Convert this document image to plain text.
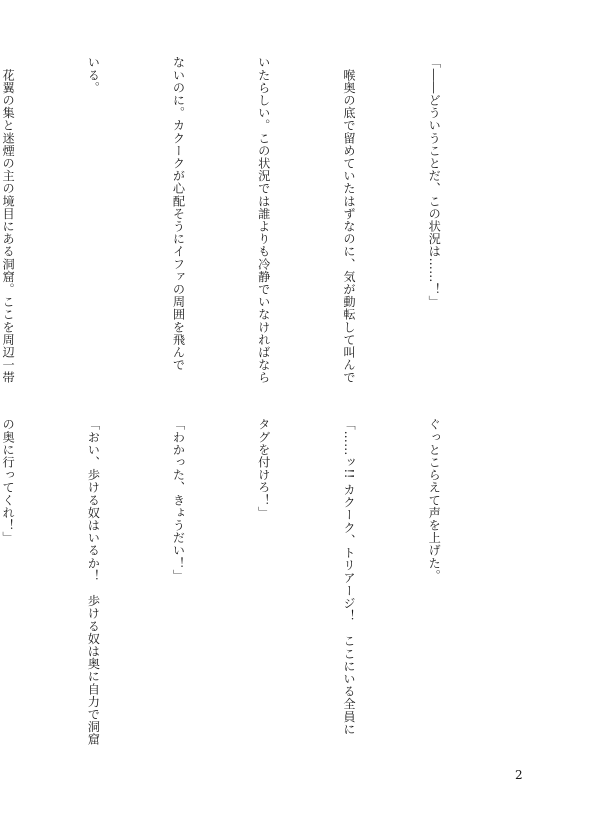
「――どういうことだ、この状況は……！」

　喉奥の底で留めていたはずなのに、気が動転して叫んで

いたらしい。この状況では誰よりも冷静でいなければなら

ないのに。カクークが心配そうにイファの周囲を飛んで

いる。

　花翼の集と迷煙の主の境目にある洞窟。ここを周辺一帯

ぐっとこらえて声を上げた。

「……ッ!! カクーク、トリアージ！　ここにいる全員に

タグを付けろ！」

「わかった、きょうだい！」

「おい、歩ける奴はいるか！　歩ける奴は奥に自力で洞窟

の奥に行ってくれ！」

2
